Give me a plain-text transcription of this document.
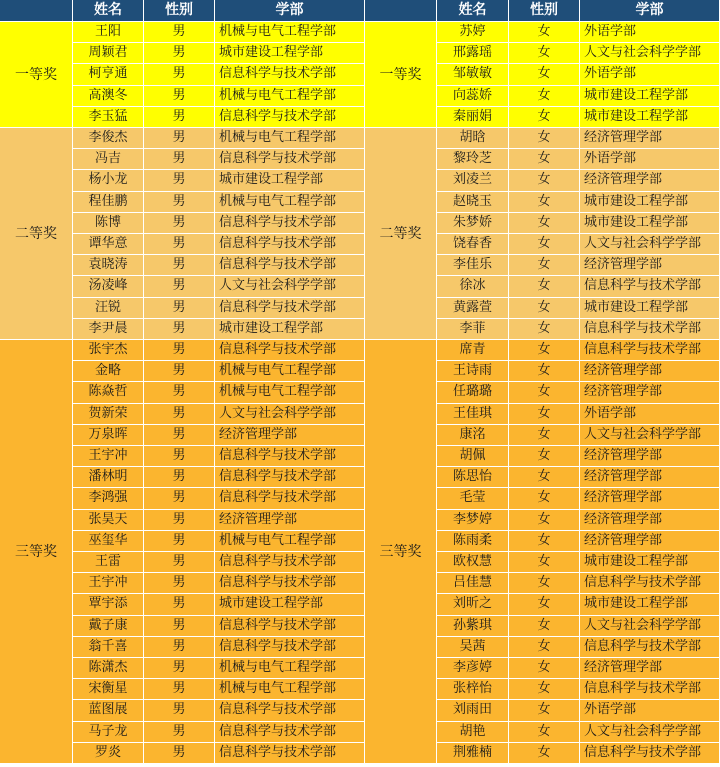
姓名	性别	学部
一等奖
王阳	男	机械与电气工程学部
周颖君	男	城市建设工程学部
柯亨通	男	信息科学与技术学部
高澳冬	男	机械与电气工程学部
李玉猛	男	信息科学与技术学部
二等奖
李俊杰	男	机械与电气工程学部
冯吉	男	信息科学与技术学部
杨小龙	男	城市建设工程学部
程佳鹏	男	机械与电气工程学部
陈博	男	信息科学与技术学部
谭华意	男	信息科学与技术学部
袁晓涛	男	信息科学与技术学部
汤凌峰	男	人文与社会科学学部
汪锐	男	信息科学与技术学部
李尹晨	男	城市建设工程学部
三等奖
张宇杰	男	信息科学与技术学部
金略	男	机械与电气工程学部
陈焱哲	男	机械与电气工程学部
贺新荣	男	人文与社会科学学部
万泉晖	男	经济管理学部
王宇冲	男	信息科学与技术学部
潘林明	男	信息科学与技术学部
李鸿强	男	信息科学与技术学部
张昊天	男	经济管理学部
巫玺华	男	机械与电气工程学部
王雷	男	信息科学与技术学部
王宇冲	男	信息科学与技术学部
覃宇添	男	城市建设工程学部
戴子康	男	信息科学与技术学部
翁千喜	男	信息科学与技术学部
陈潇杰	男	机械与电气工程学部
宋衡星	男	机械与电气工程学部
蓝图展	男	信息科学与技术学部
马子龙	男	信息科学与技术学部
罗炎	男	信息科学与技术学部
姓名	性别	学部
一等奖
苏婷	女	外语学部
邢露瑶	女	人文与社会科学学部
邹敏敏	女	外语学部
向蕊娇	女	城市建设工程学部
秦丽娟	女	城市建设工程学部
二等奖
胡晗	女	经济管理学部
黎玲芝	女	外语学部
刘凌兰	女	经济管理学部
赵晓玉	女	城市建设工程学部
朱梦娇	女	城市建设工程学部
饶春香	女	人文与社会科学学部
李佳乐	女	经济管理学部
徐冰	女	信息科学与技术学部
黄露萱	女	城市建设工程学部
李菲	女	信息科学与技术学部
三等奖
席青	女	信息科学与技术学部
王诗雨	女	经济管理学部
任璐璐	女	经济管理学部
王佳琪	女	外语学部
康洺	女	人文与社会科学学部
胡佩	女	经济管理学部
陈思怡	女	经济管理学部
毛莹	女	经济管理学部
李梦婷	女	经济管理学部
陈雨柔	女	经济管理学部
欧权慧	女	城市建设工程学部
吕佳慧	女	信息科学与技术学部
刘昕之	女	城市建设工程学部
孙紫琪	女	人文与社会科学学部
吴茜	女	信息科学与技术学部
李彦婷	女	经济管理学部
张梓怡	女	信息科学与技术学部
刘雨田	女	外语学部
胡艳	女	人文与社会科学学部
荆雅楠	女	信息科学与技术学部
